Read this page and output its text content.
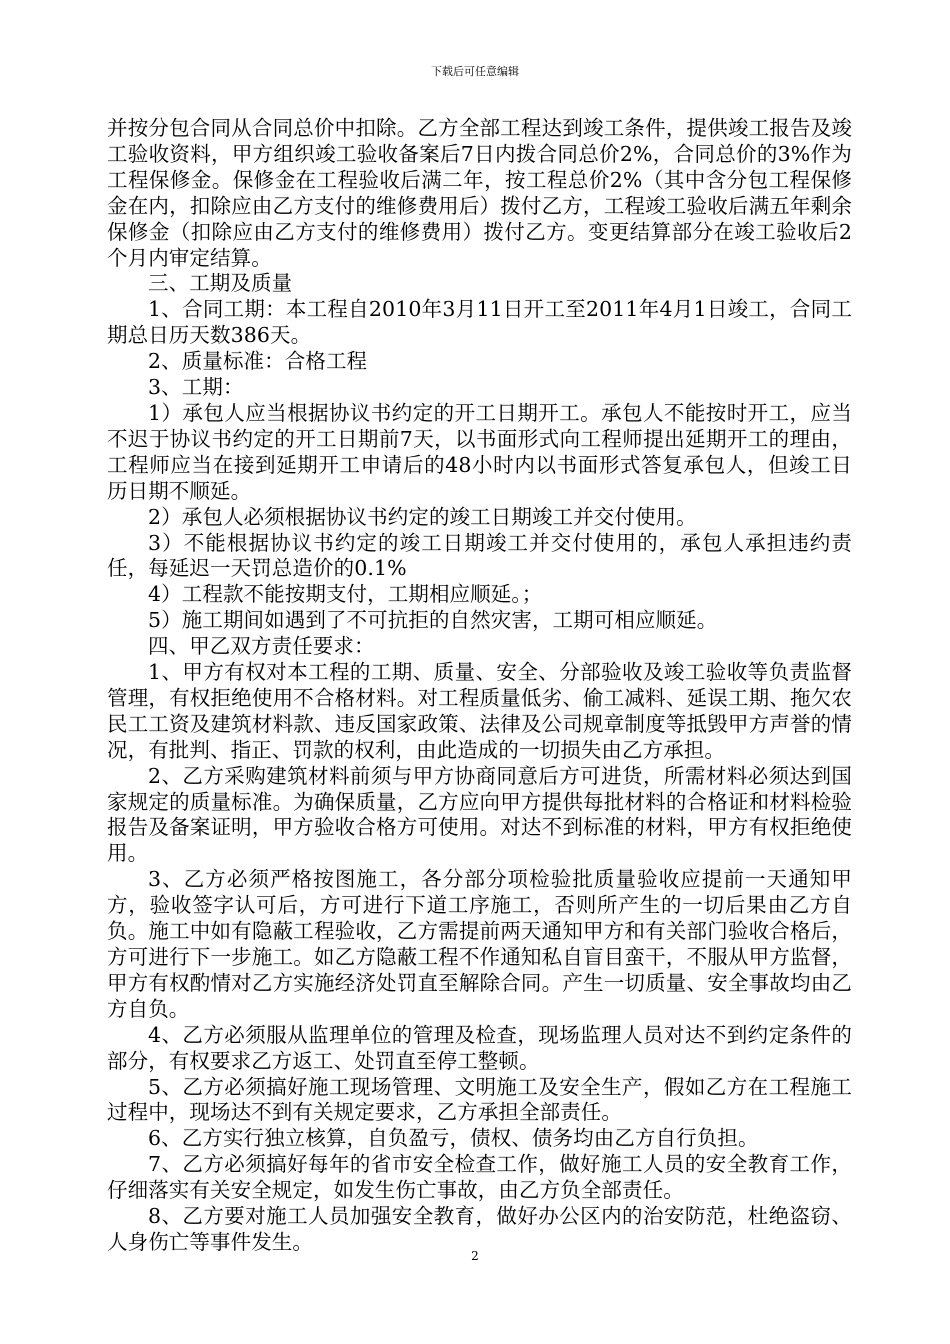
下载后可任意编辑

并按分包合同从合同总价中扣除。乙方全部工程达到竣工条件，提供竣工报告及竣工验收资料，甲方组织竣工验收备案后7日内拨合同总价2%，合同总价的3%作为工程保修金。保修金在工程验收后满二年，按工程总价2%（其中含分包工程保修金在内，扣除应由乙方支付的维修费用后）拨付乙方，工程竣工验收后满五年剩余保修金（扣除应由乙方支付的维修费用）拨付乙方。变更结算部分在竣工验收后2个月内审定结算。

三、工期及质量

1、合同工期：本工程自2010年3月11日开工至2011年4月1日竣工，合同工期总日历天数386天。

2、质量标准：合格工程

3、工期：

1）承包人应当根据协议书约定的开工日期开工。承包人不能按时开工，应当不迟于协议书约定的开工日期前7天，以书面形式向工程师提出延期开工的理由，工程师应当在接到延期开工申请后的48小时内以书面形式答复承包人，但竣工日历日期不顺延。

2）承包人必须根据协议书约定的竣工日期竣工并交付使用。

3）不能根据协议书约定的竣工日期竣工并交付使用的，承包人承担违约责任，每延迟一天罚总造价的0.1%

4）工程款不能按期支付，工期相应顺延。；

5）施工期间如遇到了不可抗拒的自然灾害，工期可相应顺延。

四、甲乙双方责任要求：

1、甲方有权对本工程的工期、质量、安全、分部验收及竣工验收等负责监督管理，有权拒绝使用不合格材料。对工程质量低劣、偷工减料、延误工期、拖欠农民工工资及建筑材料款、违反国家政策、法律及公司规章制度等抵毁甲方声誉的情况，有批判、指正、罚款的权利，由此造成的一切损失由乙方承担。

2、乙方采购建筑材料前须与甲方协商同意后方可进货，所需材料必须达到国家规定的质量标准。为确保质量，乙方应向甲方提供每批材料的合格证和材料检验报告及备案证明，甲方验收合格方可使用。对达不到标准的材料，甲方有权拒绝使用。

3、乙方必须严格按图施工，各分部分项检验批质量验收应提前一天通知甲方，验收签字认可后，方可进行下道工序施工，否则所产生的一切后果由乙方自负。施工中如有隐蔽工程验收，乙方需提前两天通知甲方和有关部门验收合格后，方可进行下一步施工。如乙方隐蔽工程不作通知私自盲目蛮干，不服从甲方监督，甲方有权酌情对乙方实施经济处罚直至解除合同。产生一切质量、安全事故均由乙方自负。

4、乙方必须服从监理单位的管理及检查，现场监理人员对达不到约定条件的部分，有权要求乙方返工、处罚直至停工整顿。

5、乙方必须搞好施工现场管理、文明施工及安全生产，假如乙方在工程施工过程中，现场达不到有关规定要求，乙方承担全部责任。

6、乙方实行独立核算，自负盈亏，债权、债务均由乙方自行负担。

7、乙方必须搞好每年的省市安全检查工作，做好施工人员的安全教育工作，仔细落实有关安全规定，如发生伤亡事故，由乙方负全部责任。

8、乙方要对施工人员加强安全教育，做好办公区内的治安防范，杜绝盗窃、人身伤亡等事件发生。

2
